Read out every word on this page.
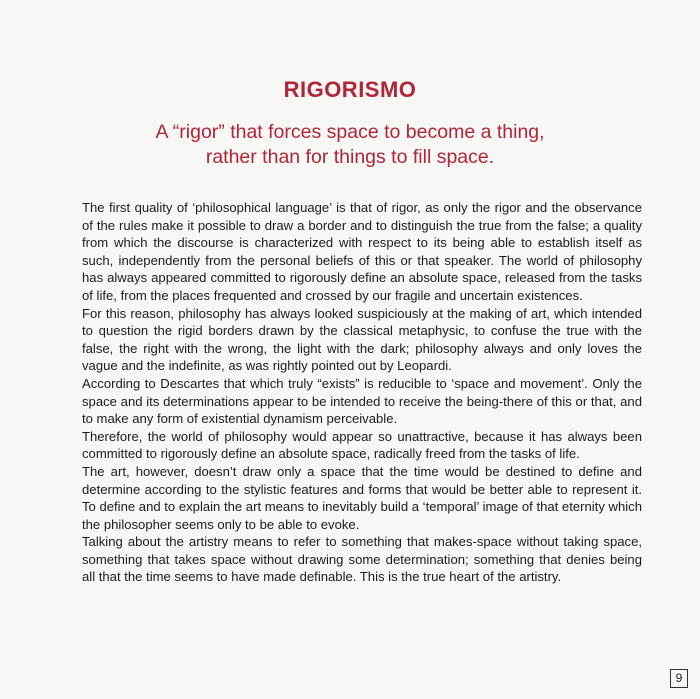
RIGORISMO
A “rigor” that forces space to become a thing,
rather than for things to fill space.

The first quality of ‘philosophical language’ is that of rigor, as only the rigor and the observance of the rules make it possible to draw a border and to distinguish the true from the false; a quality from which the discourse is characterized with respect to its being able to establish itself as such, independently from the personal beliefs of this or that speaker. The world of philosophy has always appeared committed to rigorously define an absolute space, released from the tasks of life, from the places frequented and crossed by our fragile and uncertain existences.

For this reason, philosophy has always looked suspiciously at the making of art, which intended to question the rigid borders drawn by the classical metaphysic, to confuse the true with the false, the right with the wrong, the light with the dark; philosophy always and only loves the vague and the indefinite, as was rightly pointed out by Leopardi.

According to Descartes that which truly “exists” is reducible to ‘space and movement’. Only the space and its determinations appear to be intended to receive the being-there of this or that, and to make any form of existential dynamism perceivable.

Therefore, the world of philosophy would appear so unattractive, because it has always been committed to rigorously define an absolute space, radically freed from the tasks of life.

The art, however, doesn’t draw only a space that the time would be destined to define and determine according to the stylistic features and forms that would be better able to represent it. To define and to explain the art means to inevitably build a ‘temporal’ image of that eternity which the philosopher seems only to be able to evoke.

Talking about the artistry means to refer to something that makes-space without taking space, something that takes space without drawing some determination; something that denies being all that the time seems to have made definable. This is the true heart of the artistry.

9
